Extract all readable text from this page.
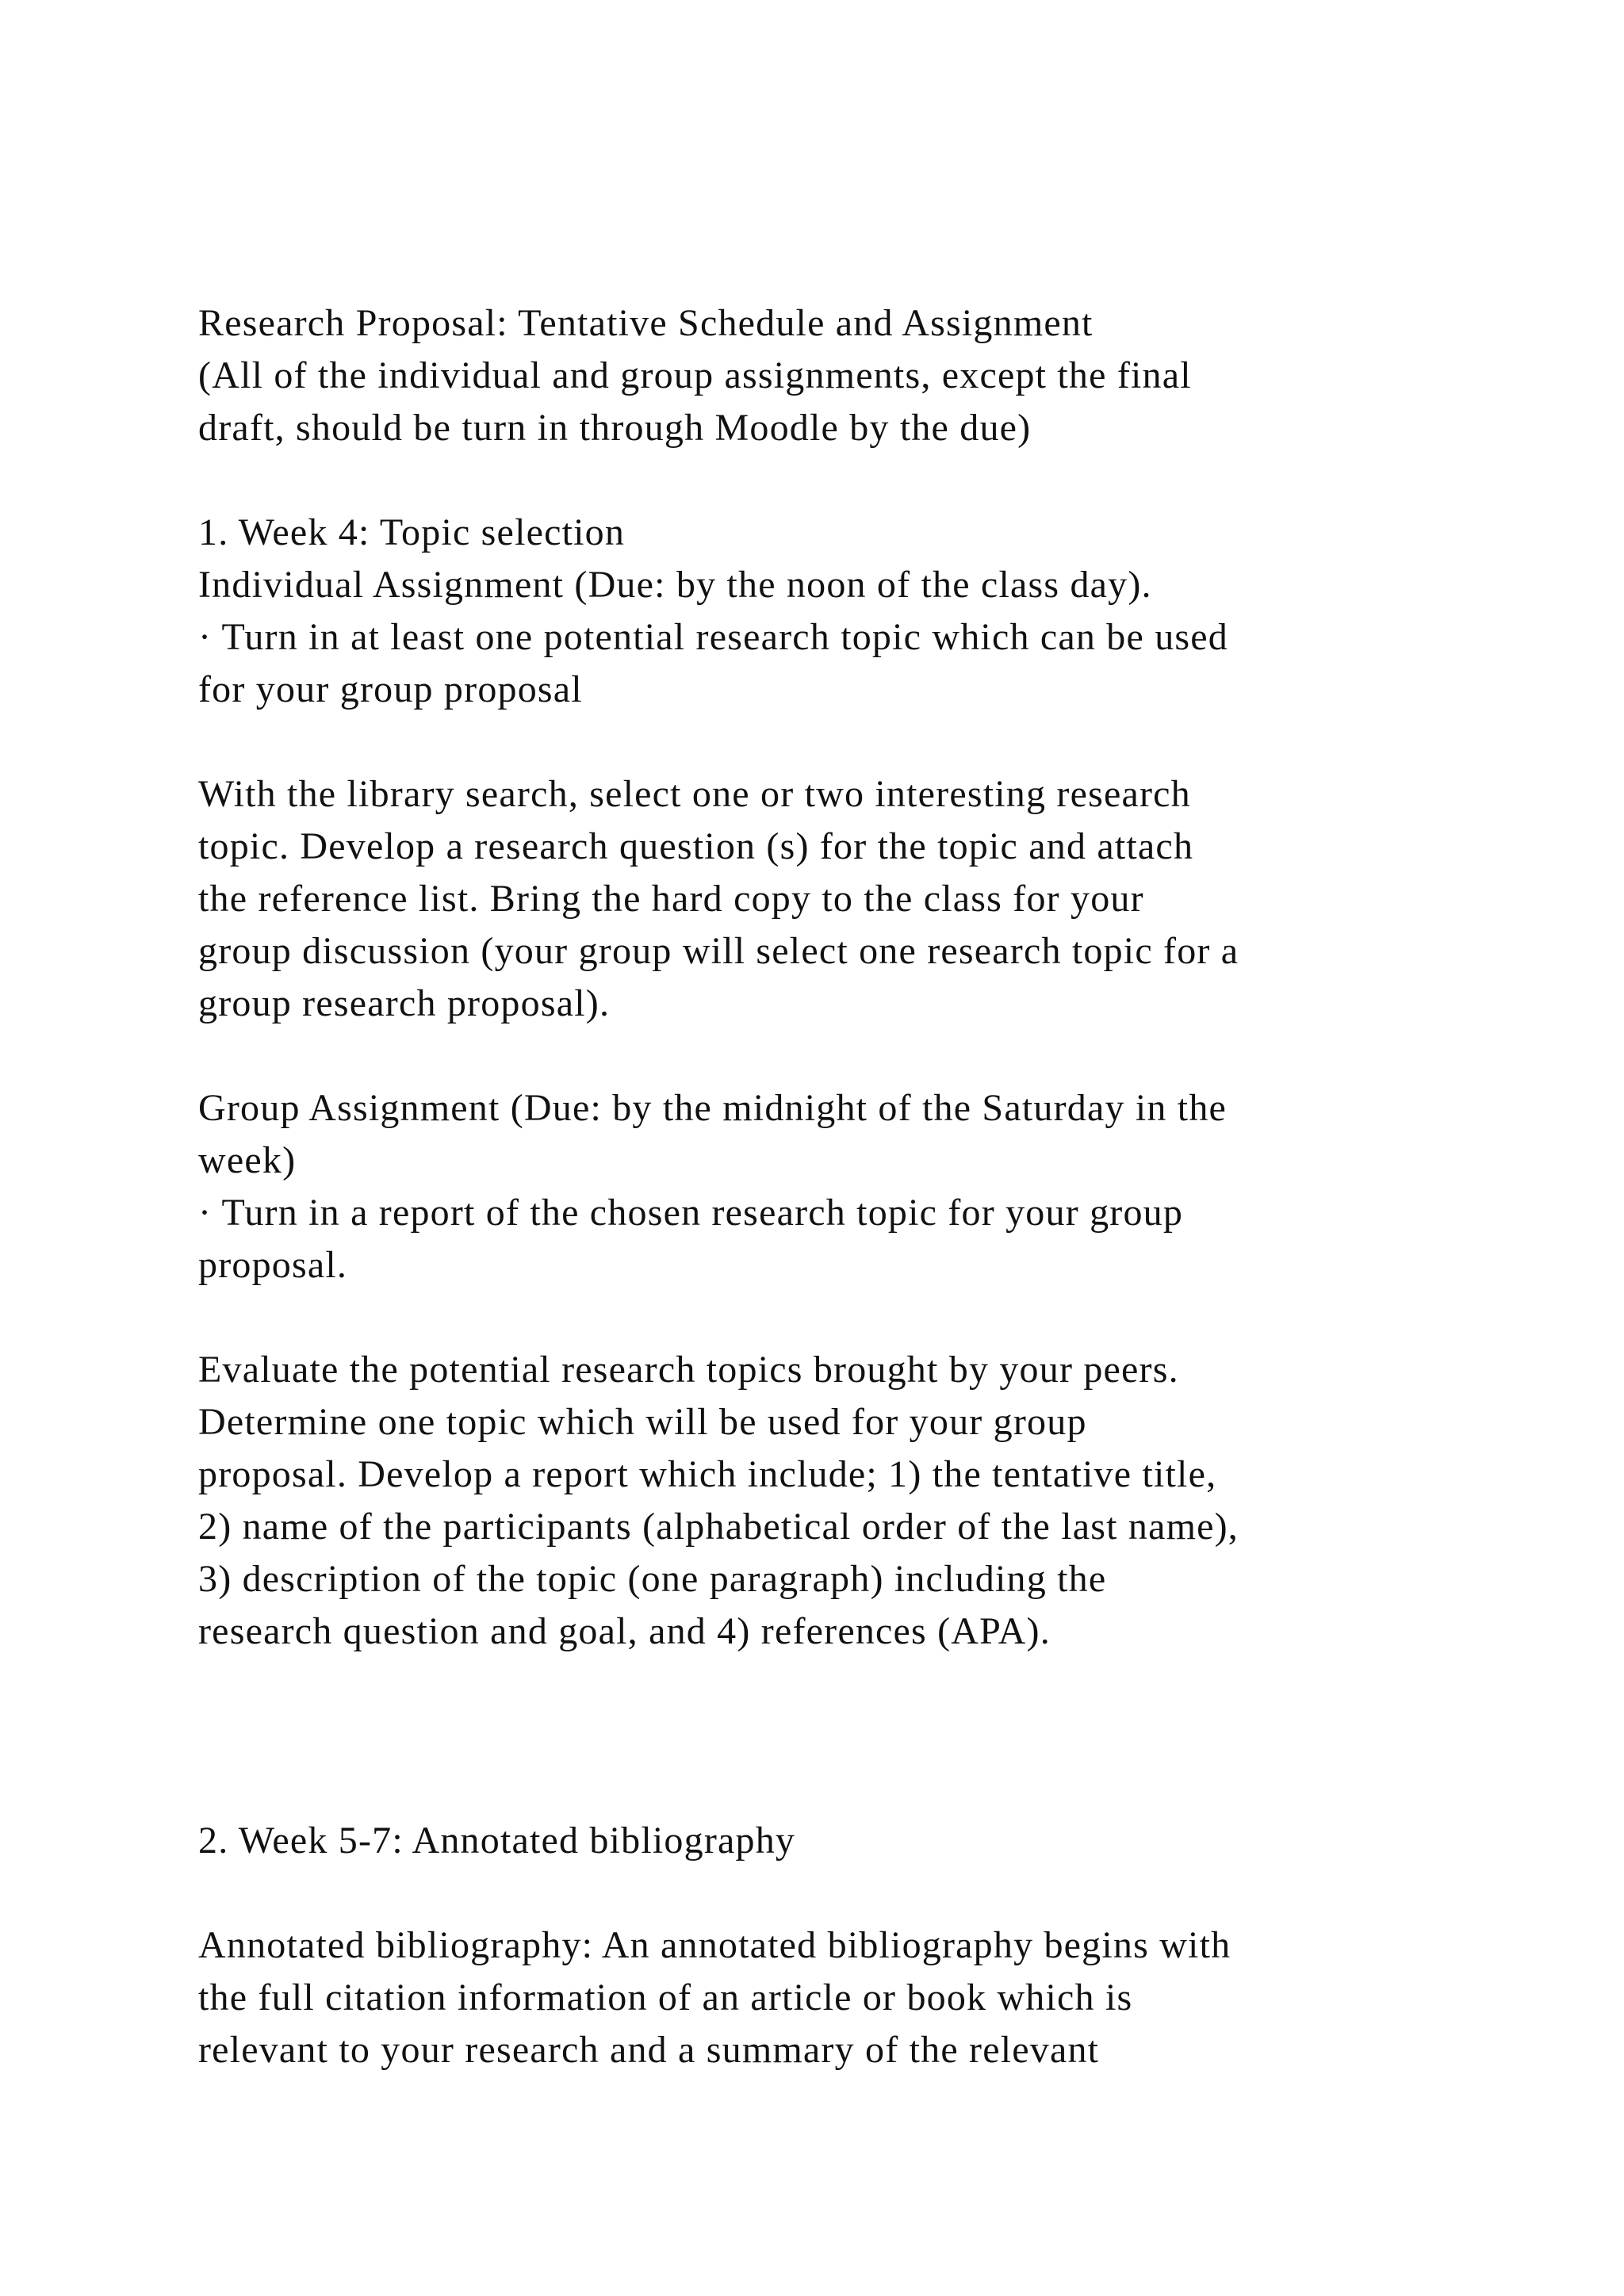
Research Proposal: Tentative Schedule and Assignment
(All of the individual and group assignments, except the final
draft, should be turn in through Moodle by the due)
1. Week 4: Topic selection
Individual Assignment (Due: by the noon of the class day).
· Turn in at least one potential research topic which can be used
for your group proposal
With the library search, select one or two interesting research
topic. Develop a research question (s) for the topic and attach
the reference list. Bring the hard copy to the class for your
group discussion (your group will select one research topic for a
group research proposal).
Group Assignment (Due: by the midnight of the Saturday in the
week)
· Turn in a report of the chosen research topic for your group
proposal.
Evaluate the potential research topics brought by your peers.
Determine one topic which will be used for your group
proposal. Develop a report which include; 1) the tentative title,
2) name of the participants (alphabetical order of the last name),
3) description of the topic (one paragraph) including the
research question and goal, and 4) references (APA).
2. Week 5-7: Annotated bibliography
Annotated bibliography: An annotated bibliography begins with
the full citation information of an article or book which is
relevant to your research and a summary of the relevant
